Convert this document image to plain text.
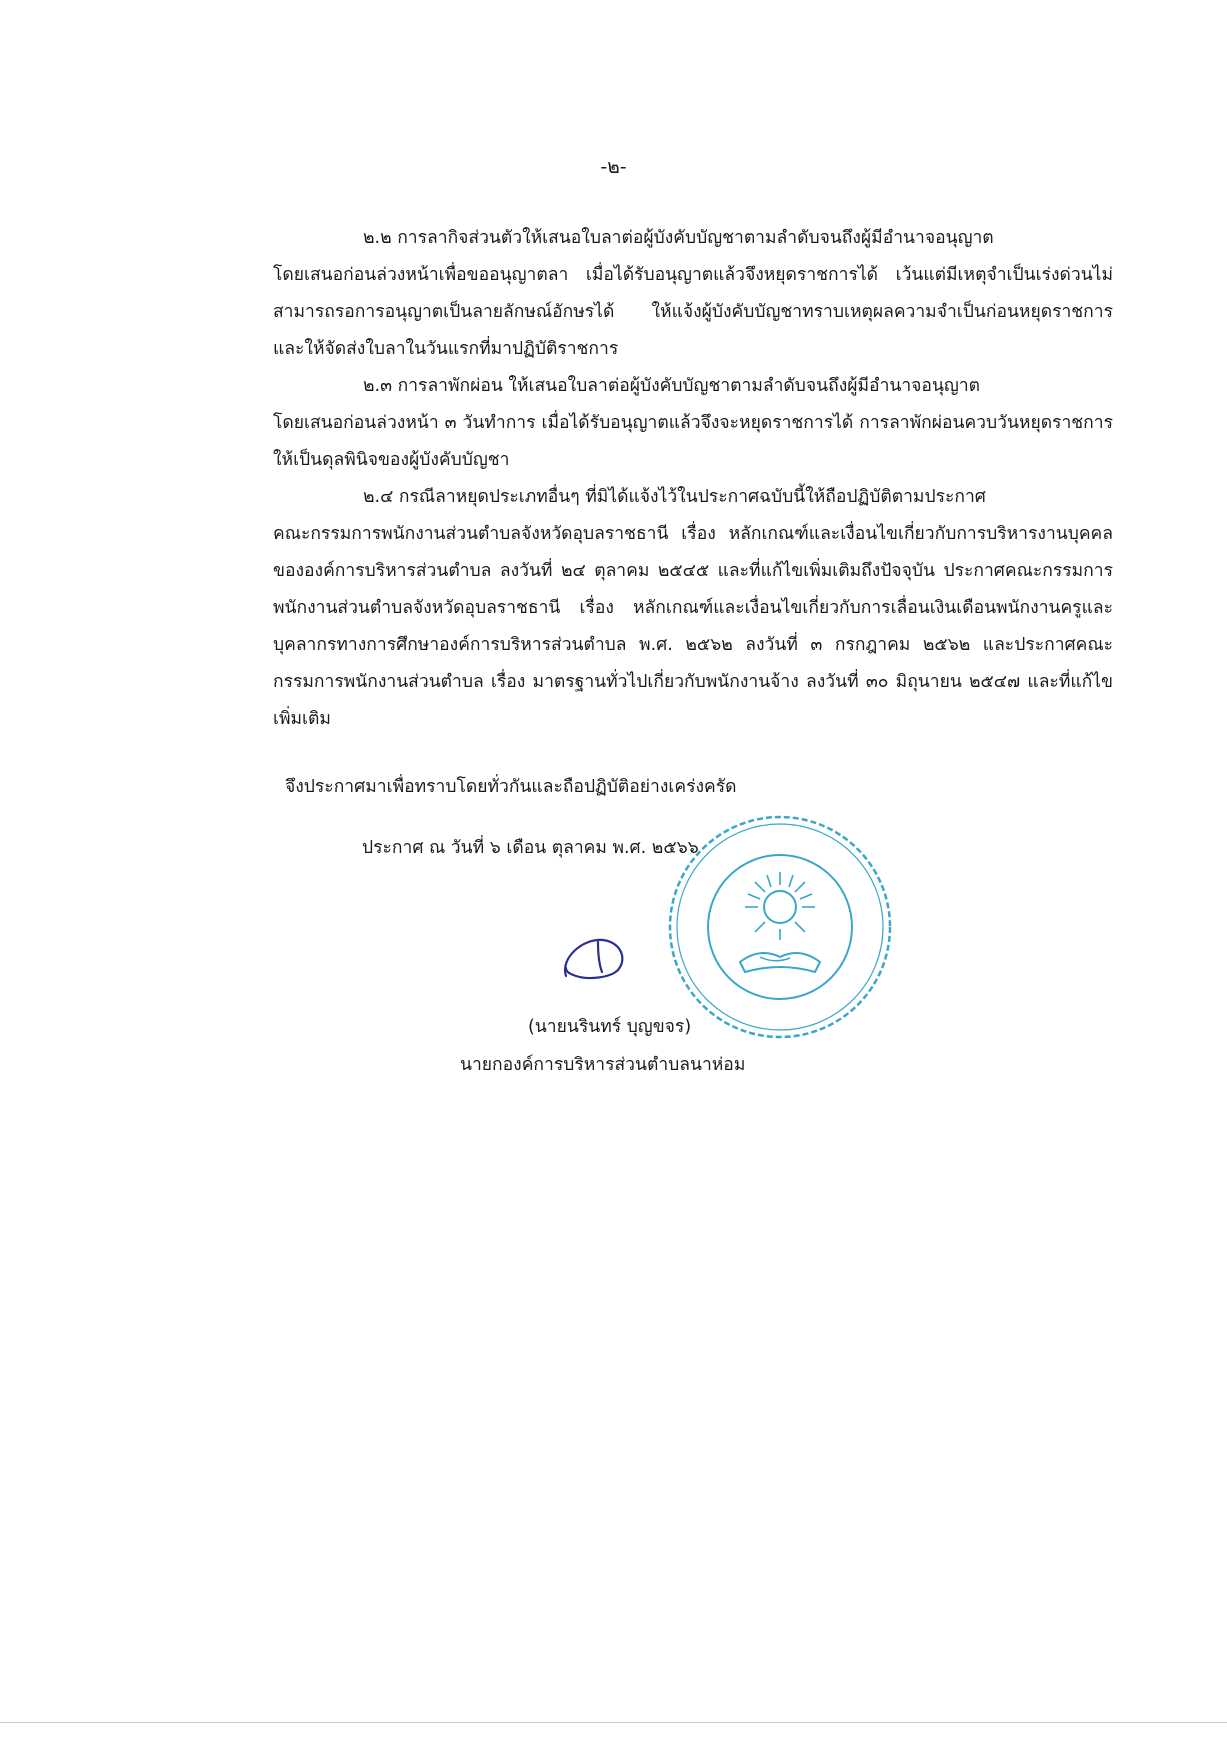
-๒-

๒.๒ การลากิจส่วนตัวให้เสนอใบลาต่อผู้บังคับบัญชาตามลำดับจนถึงผู้มีอำนาจอนุญาต
โดยเสนอก่อนล่วงหน้าเพื่อขออนุญาตลา เมื่อได้รับอนุญาตแล้วจึงหยุดราชการได้ เว้นแต่มีเหตุจำเป็นเร่งด่วนไม่สามารถรอการอนุญาตเป็นลายลักษณ์อักษรได้ ให้แจ้งผู้บังคับบัญชาทราบเหตุผลความจำเป็นก่อนหยุดราชการ และให้จัดส่งใบลาในวันแรกที่มาปฏิบัติราชการ

๒.๓ การลาพักผ่อน ให้เสนอใบลาต่อผู้บังคับบัญชาตามลำดับจนถึงผู้มีอำนาจอนุญาต
โดยเสนอก่อนล่วงหน้า ๓ วันทำการ เมื่อได้รับอนุญาตแล้วจึงจะหยุดราชการได้ การลาพักผ่อนควบวันหยุดราชการให้เป็นดุลพินิจของผู้บังคับบัญชา

๒.๔ กรณีลาหยุดประเภทอื่นๆ ที่มิได้แจ้งไว้ในประกาศฉบับนี้ให้ถือปฏิบัติตามประกาศ
คณะกรรมการพนักงานส่วนตำบลจังหวัดอุบลราชธานี เรื่อง หลักเกณฑ์และเงื่อนไขเกี่ยวกับการบริหารงานบุคคลขององค์การบริหารส่วนตำบล ลงวันที่ ๒๔ ตุลาคม ๒๕๔๕ และที่แก้ไขเพิ่มเติมถึงปัจจุบัน ประกาศคณะกรรมการพนักงานส่วนตำบลจังหวัดอุบลราชธานี เรื่อง หลักเกณฑ์และเงื่อนไขเกี่ยวกับการเลื่อนเงินเดือนพนักงานครูและบุคลากรทางการศึกษาองค์การบริหารส่วนตำบล พ.ศ. ๒๕๖๒ ลงวันที่ ๓ กรกฎาคม ๒๕๖๒ และประกาศคณะกรรมการพนักงานส่วนตำบล เรื่อง มาตรฐานทั่วไปเกี่ยวกับพนักงานจ้าง ลงวันที่ ๓๐ มิถุนายน ๒๕๔๗ และที่แก้ไขเพิ่มเติม

จึงประกาศมาเพื่อทราบโดยทั่วกันและถือปฏิบัติอย่างเคร่งครัด
ประกาศ ณ วันที่ ๖ เดือน ตุลาคม พ.ศ. ๒๕๖๖
(นายนรินทร์ บุญขจร)
นายกองค์การบริหารส่วนตำบลนาห่อม
